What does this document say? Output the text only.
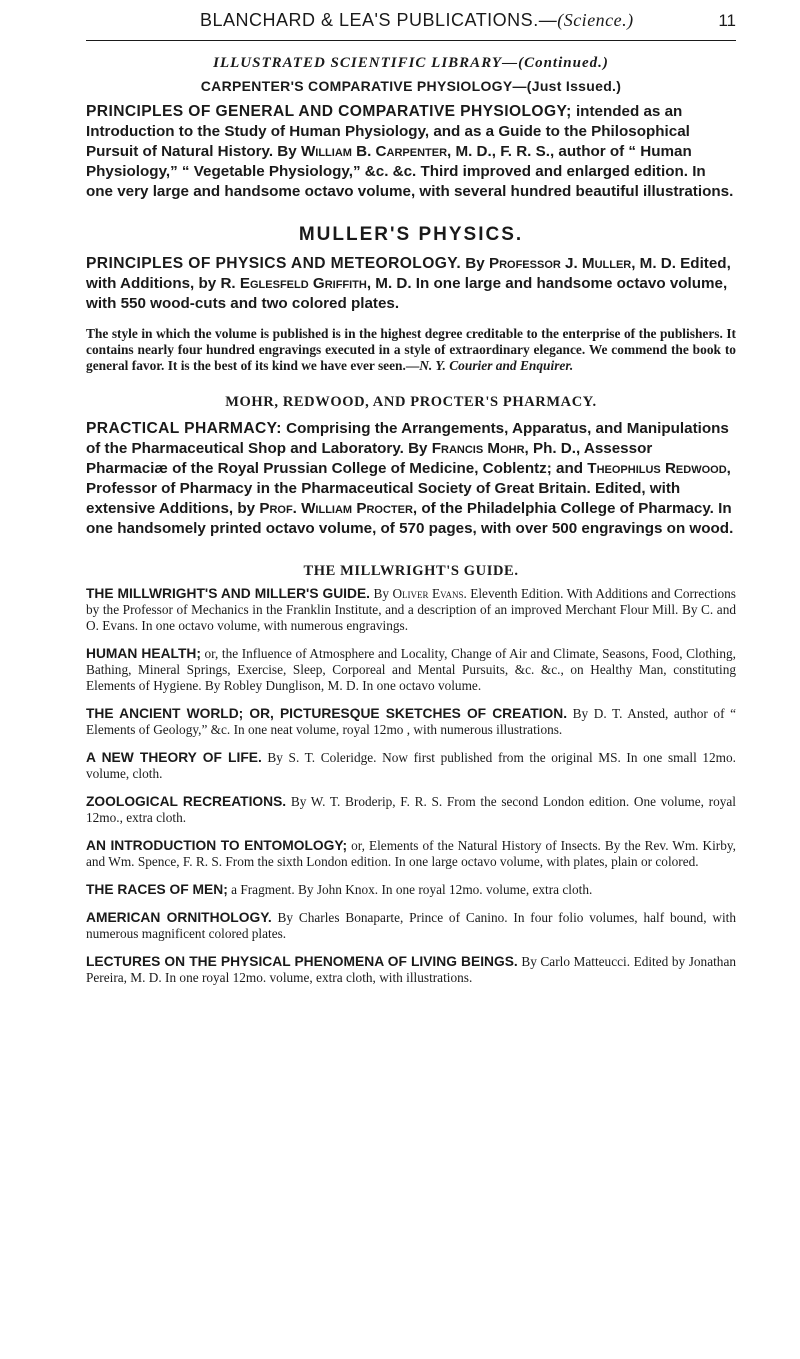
BLANCHARD & LEA'S PUBLICATIONS.—(Science.)	11
ILLUSTRATED SCIENTIFIC LIBRARY—(Continued.)
CARPENTER'S COMPARATIVE PHYSIOLOGY—(Just Issued.)
PRINCIPLES OF GENERAL AND COMPARATIVE PHYSIOLOGY; intended as an Introduction to the Study of Human Physiology, and as a Guide to the Philosophical Pursuit of Natural History. By William B. Carpenter, M. D., F. R. S., author of “ Human Physiology,” “ Vegetable Physiology,” &c. &c. Third improved and enlarged edition. In one very large and handsome octavo volume, with several hundred beautiful illustrations.
MULLER'S PHYSICS.
PRINCIPLES OF PHYSICS AND METEOROLOGY. By Professor J. Muller, M. D. Edited, with Additions, by R. Eglesfeld Griffith, M. D. In one large and handsome octavo volume, with 550 wood-cuts and two colored plates.
The style in which the volume is published is in the highest degree creditable to the enterprise of the publishers. It contains nearly four hundred engravings executed in a style of extraordinary elegance. We commend the book to general favor. It is the best of its kind we have ever seen.—N. Y. Courier and Enquirer.
MOHR, REDWOOD, AND PROCTER'S PHARMACY.
PRACTICAL PHARMACY: Comprising the Arrangements, Apparatus, and Manipulations of the Pharmaceutical Shop and Laboratory. By Francis Mohr, Ph. D., Assessor Pharmaciæ of the Royal Prussian College of Medicine, Coblentz; and Theophilus Redwood, Professor of Pharmacy in the Pharmaceutical Society of Great Britain. Edited, with extensive Additions, by Prof. William Procter, of the Philadelphia College of Pharmacy. In one handsomely printed octavo volume, of 570 pages, with over 500 engravings on wood.
THE MILLWRIGHT'S GUIDE.
THE MILLWRIGHT'S AND MILLER'S GUIDE. By Oliver Evans. Eleventh Edition. With Additions and Corrections by the Professor of Mechanics in the Franklin Institute, and a description of an improved Merchant Flour Mill. By C. and O. Evans. In one octavo volume, with numerous engravings.
HUMAN HEALTH; or, the Influence of Atmosphere and Locality, Change of Air and Climate, Seasons, Food, Clothing, Bathing, Mineral Springs, Exercise, Sleep, Corporeal and Mental Pursuits, &c. &c., on Healthy Man, constituting Elements of Hygiene. By Robley Dunglison, M. D. In one octavo volume.
THE ANCIENT WORLD; OR, PICTURESQUE SKETCHES OF CREATION. By D. T. Ansted, author of “ Elements of Geology,” &c. In one neat volume, royal 12mo , with numerous illustrations.
A NEW THEORY OF LIFE. By S. T. Coleridge. Now first published from the original MS. In one small 12mo. volume, cloth.
ZOOLOGICAL RECREATIONS. By W. T. Broderip, F. R. S. From the second London edition. One volume, royal 12mo., extra cloth.
AN INTRODUCTION TO ENTOMOLOGY; or, Elements of the Natural History of Insects. By the Rev. Wm. Kirby, and Wm. Spence, F. R. S. From the sixth London edition. In one large octavo volume, with plates, plain or colored.
THE RACES OF MEN; a Fragment. By John Knox. In one royal 12mo. volume, extra cloth.
AMERICAN ORNITHOLOGY. By Charles Bonaparte, Prince of Canino. In four folio volumes, half bound, with numerous magnificent colored plates.
LECTURES ON THE PHYSICAL PHENOMENA OF LIVING BEINGS. By Carlo Matteucci. Edited by Jonathan Pereira, M. D. In one royal 12mo. volume, extra cloth, with illustrations.
